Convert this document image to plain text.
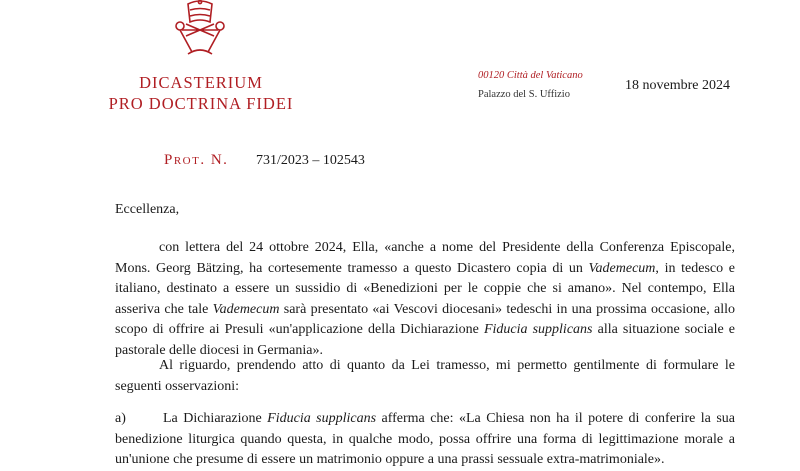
DICASTERIUM
PRO DOCTRINA FIDEI
00120 Città del Vaticano
Palazzo del S. Uffizio
18 novembre 2024
Prot. N. 731/2023 – 102543
Eccellenza,

con lettera del 24 ottobre 2024, Ella, «anche a nome del Presidente della Conferenza Episcopale, Mons. Georg Bätzing, ha cortesemente tramesso a questo Dicastero copia di un Vademecum, in tedesco e italiano, destinato a essere un sussidio di «Benedizioni per le coppie che si amano». Nel contempo, Ella asseriva che tale Vademecum sarà presentato «ai Vescovi diocesani» tedeschi in una prossima occasione, allo scopo di offrire ai Presuli «un'applicazione della Dichiarazione Fiducia supplicans alla situazione sociale e pastorale delle diocesi in Germania».

Al riguardo, prendendo atto di quanto da Lei tramesso, mi permetto gentilmente di formulare le seguenti osservazioni:

a)	La Dichiarazione Fiducia supplicans afferma che: «La Chiesa non ha il potere di conferire la sua benedizione liturgica quando questa, in qualche modo, possa offrire una forma di legittimazione morale a un'unione che presume di essere un matrimonio oppure a una prassi sessuale extra-matrimoniale».
